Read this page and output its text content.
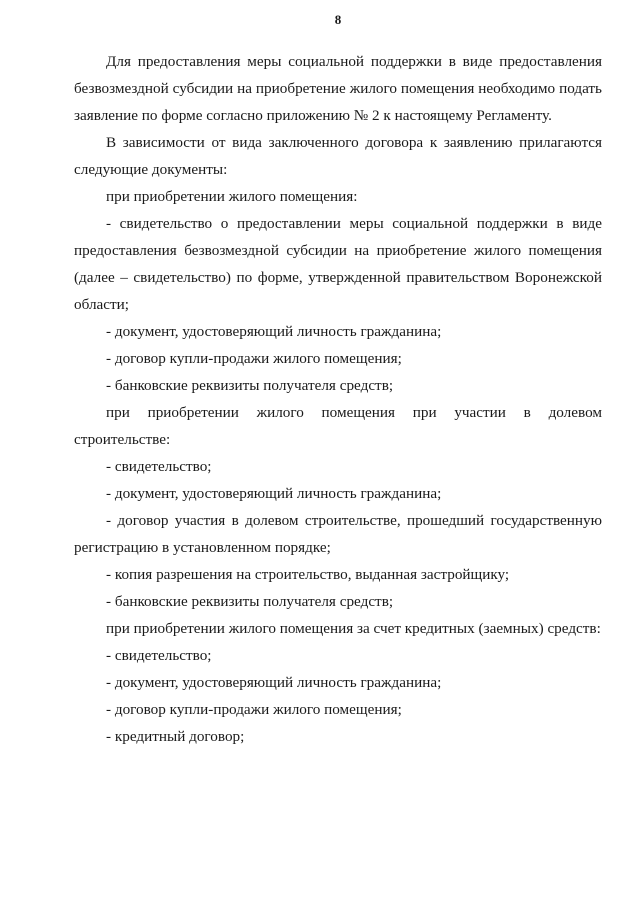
8

Для предоставления меры социальной поддержки в виде предоставления безвозмездной субсидии на приобретение жилого помещения необходимо подать заявление по форме согласно приложению № 2 к настоящему Регламенту.

В зависимости от вида заключенного договора к заявлению прилагаются следующие документы:

при приобретении жилого помещения:

- свидетельство о предоставлении меры социальной поддержки в виде предоставления безвозмездной субсидии на приобретение жилого помещения (далее – свидетельство) по форме, утвержденной правительством Воронежской области;

- документ, удостоверяющий личность гражданина;

- договор купли-продажи жилого помещения;

- банковские реквизиты получателя средств;

при приобретении жилого помещения при участии в долевом строительстве:

- свидетельство;

- документ, удостоверяющий личность гражданина;

- договор участия в долевом строительстве, прошедший государственную регистрацию в установленном порядке;

- копия разрешения на строительство, выданная застройщику;

- банковские реквизиты получателя средств;

при приобретении жилого помещения за счет кредитных (заемных) средств:

- свидетельство;

- документ, удостоверяющий личность гражданина;

- договор купли-продажи жилого помещения;

- кредитный договор;
